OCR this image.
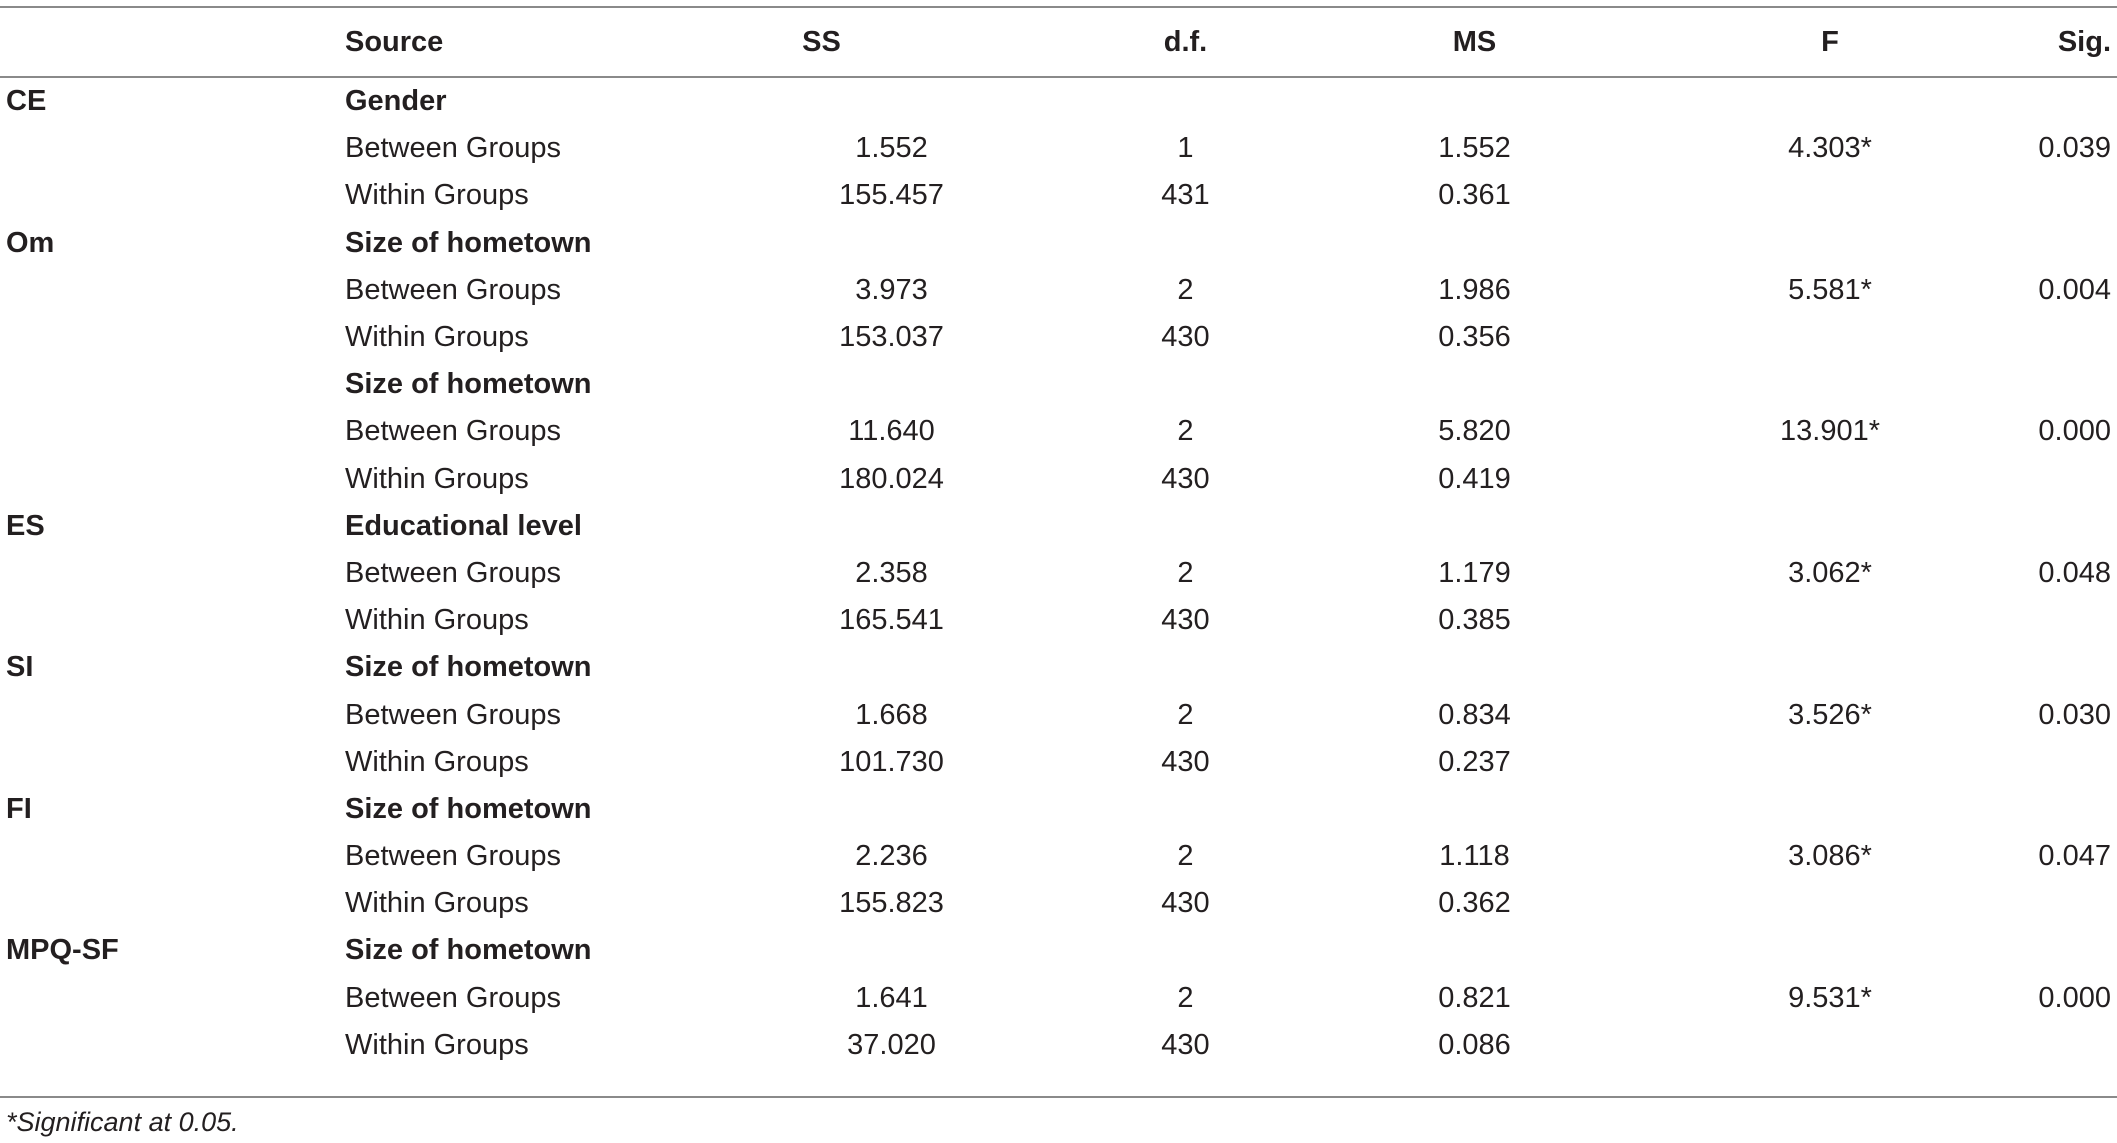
	Source	SS	d.f.	MS	F	Sig.
CE	Gender					
	Between Groups	1.552	1	1.552	4.303*	0.039
	Within Groups	155.457	431	0.361		
Om	Size of hometown					
	Between Groups	3.973	2	1.986	5.581*	0.004
	Within Groups	153.037	430	0.356		
	Size of hometown					
	Between Groups	11.640	2	5.820	13.901*	0.000
	Within Groups	180.024	430	0.419		
ES	Educational level					
	Between Groups	2.358	2	1.179	3.062*	0.048
	Within Groups	165.541	430	0.385		
SI	Size of hometown					
	Between Groups	1.668	2	0.834	3.526*	0.030
	Within Groups	101.730	430	0.237		
FI	Size of hometown					
	Between Groups	2.236	2	1.118	3.086*	0.047
	Within Groups	155.823	430	0.362		
MPQ-SF	Size of hometown					
	Between Groups	1.641	2	0.821	9.531*	0.000
	Within Groups	37.020	430	0.086		
*Significant at 0.05.
